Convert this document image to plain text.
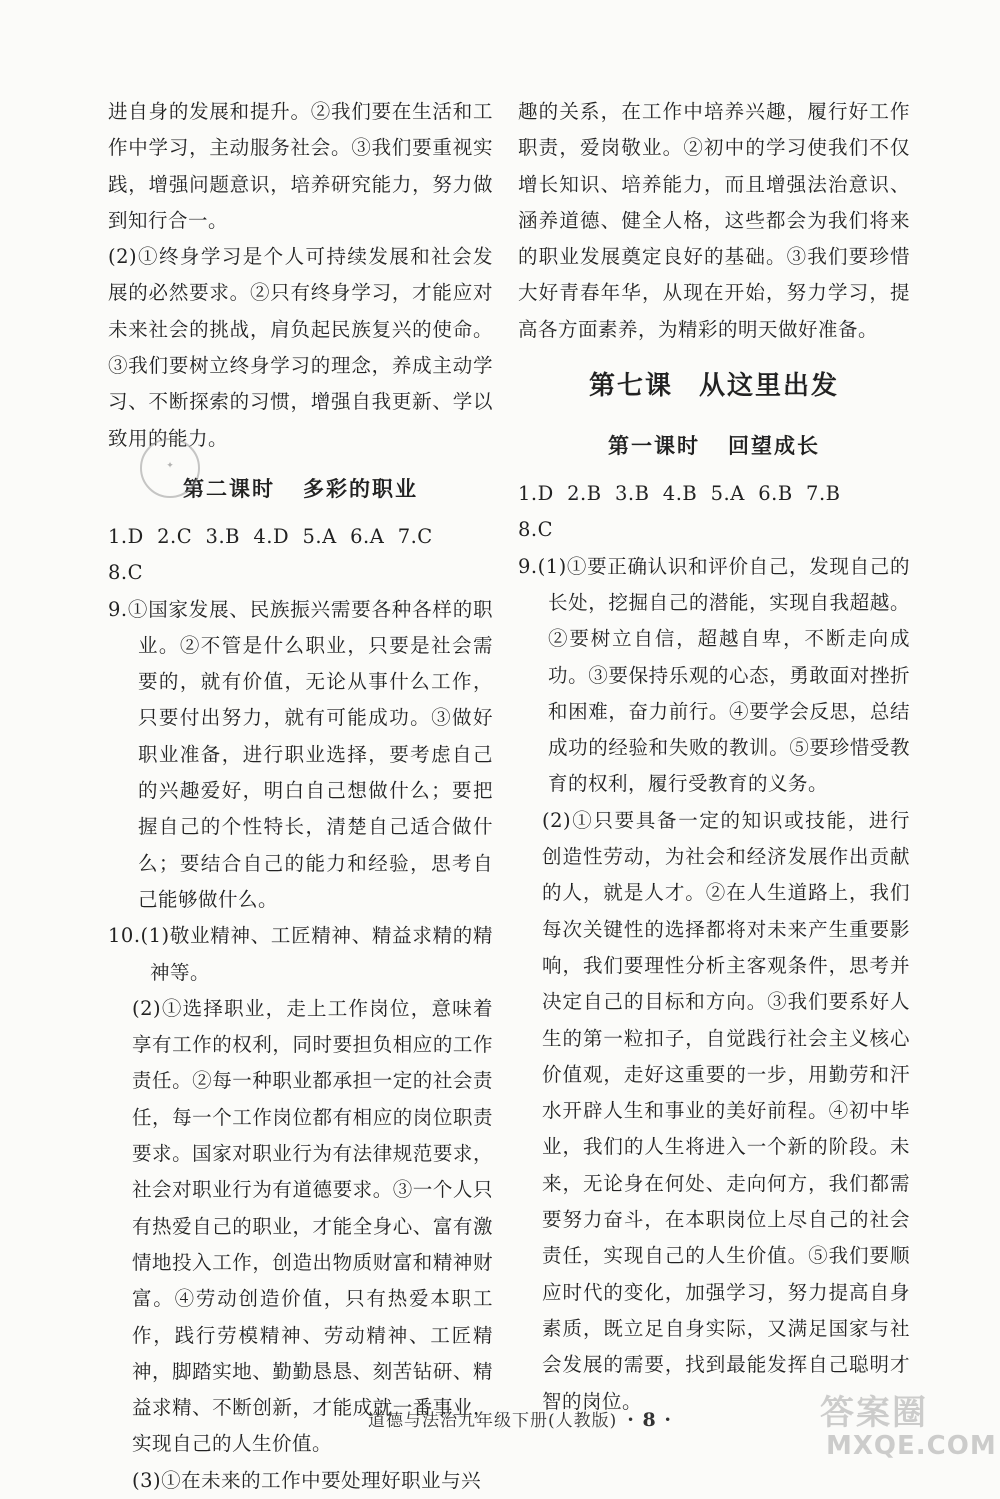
进自身的发展和提升。②我们要在生活和工作中学习，主动服务社会。③我们要重视实践，增强问题意识，培养研究能力，努力做到知行合一。

(2)①终身学习是个人可持续发展和社会发展的必然要求。②只有终身学习，才能应对未来社会的挑战，肩负起民族复兴的使命。③我们要树立终身学习的理念，养成主动学习、不断探索的习惯，增强自我更新、学以致用的能力。

第二课时 多彩的职业

1.D  2.C  3.B  4.D  5.A  6.A  7.C

8.C

9.①国家发展、民族振兴需要各种各样的职业。②不管是什么职业，只要是社会需要的，就有价值，无论从事什么工作，只要付出努力，就有可能成功。③做好职业准备，进行职业选择，要考虑自己的兴趣爱好，明白自己想做什么；要把握自己的个性特长，清楚自己适合做什么；要结合自己的能力和经验，思考自己能够做什么。

10.(1)敬业精神、工匠精神、精益求精的精神等。

(2)①选择职业，走上工作岗位，意味着享有工作的权利，同时要担负相应的工作责任。②每一种职业都承担一定的社会责任，每一个工作岗位都有相应的岗位职责要求。国家对职业行为有法律规范要求，社会对职业行为有道德要求。③一个人只有热爱自己的职业，才能全身心、富有激情地投入工作，创造出物质财富和精神财富。④劳动创造价值，只有热爱本职工作，践行劳模精神、劳动精神、工匠精神，脚踏实地、勤勤恳恳、刻苦钻研、精益求精、不断创新，才能成就一番事业，实现自己的人生价值。

(3)①在未来的工作中要处理好职业与兴

趣的关系，在工作中培养兴趣，履行好工作职责，爱岗敬业。②初中的学习使我们不仅增长知识、培养能力，而且增强法治意识、涵养道德、健全人格，这些都会为我们将来的职业发展奠定良好的基础。③我们要珍惜大好青春年华，从现在开始，努力学习，提高各方面素养，为精彩的明天做好准备。

第七课 从这里出发
第一课时 回望成长

1.D  2.B  3.B  4.B  5.A  6.B  7.B

8.C

9.(1)①要正确认识和评价自己，发现自己的长处，挖掘自己的潜能，实现自我超越。②要树立自信，超越自卑，不断走向成功。③要保持乐观的心态，勇敢面对挫折和困难，奋力前行。④要学会反思，总结成功的经验和失败的教训。⑤要珍惜受教育的权利，履行受教育的义务。

(2)①只要具备一定的知识或技能，进行创造性劳动，为社会和经济发展作出贡献的人，就是人才。②在人生道路上，我们每次关键性的选择都将对未来产生重要影响，我们要理性分析主客观条件，思考并决定自己的目标和方向。③我们要系好人生的第一粒扣子，自觉践行社会主义核心价值观，走好这重要的一步，用勤劳和汗水开辟人生和事业的美好前程。④初中毕业，我们的人生将进入一个新的阶段。未来，无论身在何处、走向何方，我们都需要努力奋斗，在本职岗位上尽自己的社会责任，实现自己的人生价值。⑤我们要顺应时代的变化，加强学习，努力提高自身素质，既立足自身实际，又满足国家与社会发展的需要，找到最能发挥自己聪明才智的岗位。

✦
道德与法治九年级下册(人教版) · 8 ·	答案圈
MXQE.COM
